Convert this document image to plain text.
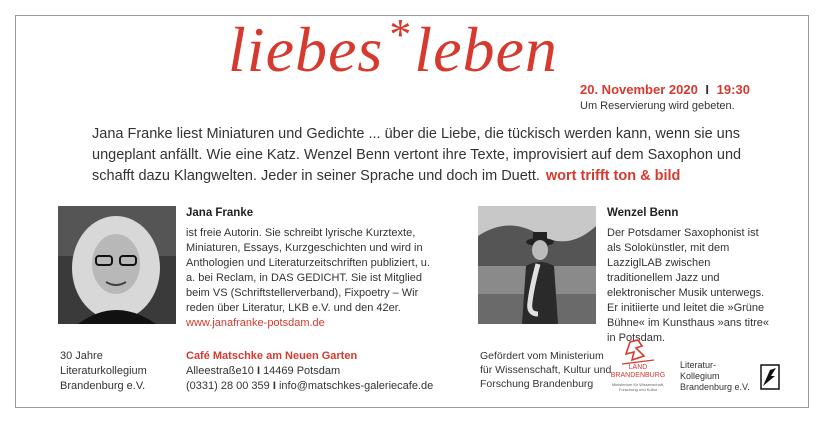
liebes*leben
20. November 2020 I 19:30
Um Reservierung wird gebeten.
Jana Franke liest Miniaturen und Gedichte ... über die Liebe, die tückisch werden kann, wenn sie uns ungeplant anfällt. Wie eine Katz. Wenzel Benn vertont ihre Texte, improvisiert auf dem Saxophon und schafft dazu Klangwelten. Jeder in seiner Sprache und doch im Duett. wort trifft ton & bild
Jana Franke
ist freie Autorin. Sie schreibt lyrische Kurztexte, Miniaturen, Essays, Kurzgeschichten und wird in Anthologien und Literaturzeitschriften publiziert, u. a. bei Reclam, in DAS GEDICHT. Sie ist Mitglied beim VS (Schriftstellerverband), Fixpoetry – Wir reden über Literatur, LKB e.V. und den 42er.
www.janafranke-potsdam.de
Wenzel Benn
Der Potsdamer Saxophonist ist als Solokünstler, mit dem LazziglLAB zwischen traditionellem Jazz und elektronischer Musik unterwegs. Er initiierte und leitet die »Grüne Bühne« im Kunsthaus »ans titre« in Potsdam.
30 Jahre
Literaturkollegium
Brandenburg e.V.
Café Matschke am Neuen Garten
Alleestraße10 I 14469 Potsdam
(0331) 28 00 359 I info@matschkes-galeriecafe.de
Gefördert vom Ministerium
für Wissenschaft, Kultur und
Forschung Brandenburg
LAND
BRANDENBURG
Ministerium für Wissenschaft,
Forschung und Kultur
Literatur-
Kollegium
Brandenburg e.V.
